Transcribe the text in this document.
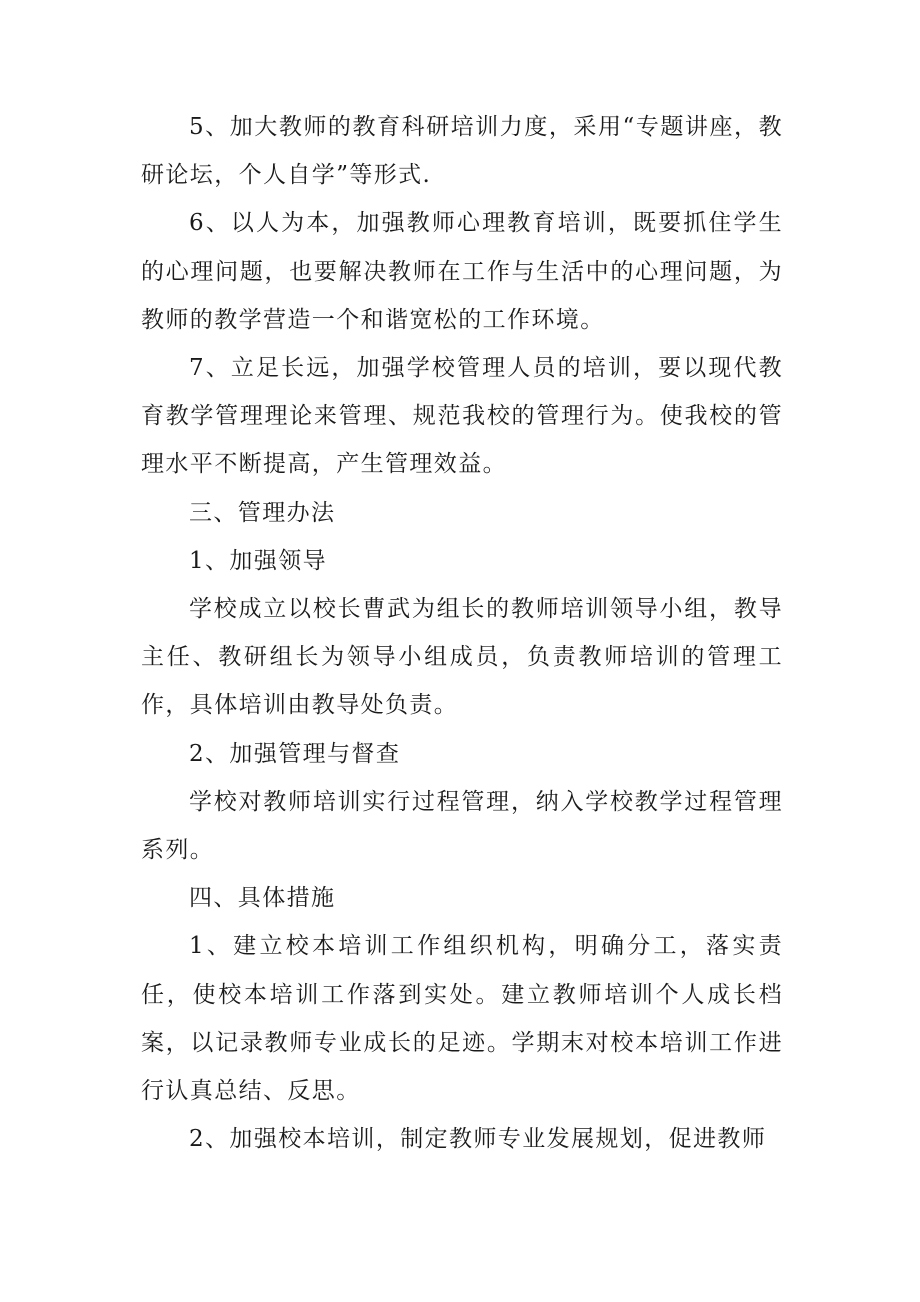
5、加大教师的教育科研培训力度，采用“专题讲座，教研论坛，个人自学”等形式.

6、以人为本，加强教师心理教育培训，既要抓住学生的心理问题，也要解决教师在工作与生活中的心理问题，为教师的教学营造一个和谐宽松的工作环境。

7、立足长远，加强学校管理人员的培训，要以现代教育教学管理理论来管理、规范我校的管理行为。使我校的管理水平不断提高，产生管理效益。

三、管理办法

1、加强领导

学校成立以校长曹武为组长的教师培训领导小组，教导主任、教研组长为领导小组成员，负责教师培训的管理工作，具体培训由教导处负责。

2、加强管理与督查

学校对教师培训实行过程管理，纳入学校教学过程管理系列。

四、具体措施

1、建立校本培训工作组织机构，明确分工，落实责任，使校本培训工作落到实处。建立教师培训个人成长档案，以记录教师专业成长的足迹。学期末对校本培训工作进行认真总结、反思。

2、加强校本培训，制定教师专业发展规划，促进教师
